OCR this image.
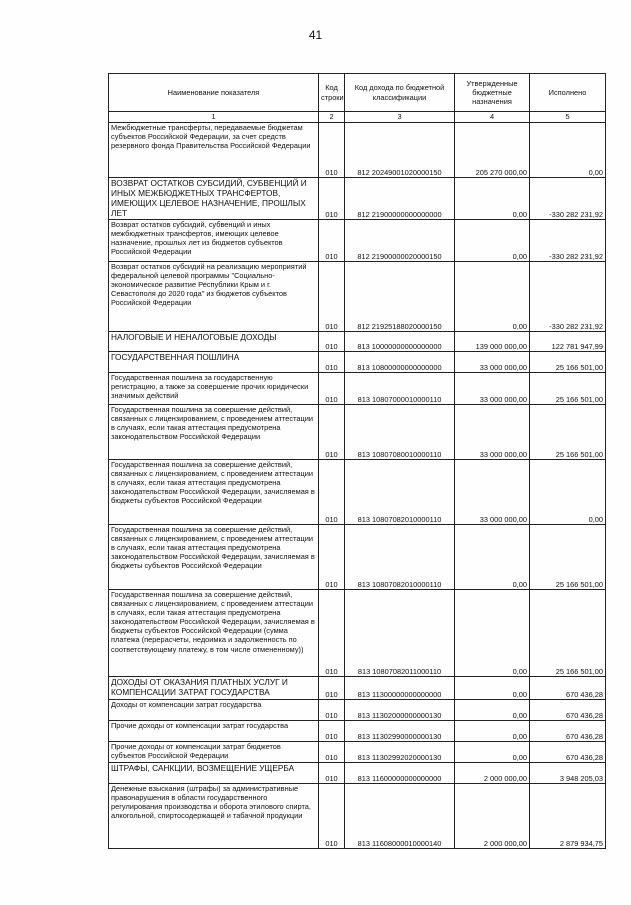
41
Наименование показателя	Код строки	Код дохода по бюджетной классификации	Утвержденные бюджетные назначения	Исполнено
1	2	3	4	5
Межбюджетные трансферты, передаваемые бюджетам субъектов Российской Федерации, за счет средств резервного фонда Правительства Российской Федерации	010	812 20249001020000150	205 270 000,00	0,00
ВОЗВРАТ ОСТАТКОВ СУБСИДИЙ, СУБВЕНЦИЙ И ИНЫХ МЕЖБЮДЖЕТНЫХ ТРАНСФЕРТОВ, ИМЕЮЩИХ ЦЕЛЕВОЕ НАЗНАЧЕНИЕ, ПРОШЛЫХ ЛЕТ	010	812 21900000000000000	0,00	-330 282 231,92
Возврат остатков субсидий, субвенций и иных межбюджетных трансфертов, имеющих целевое назначение, прошлых лет из бюджетов субъектов Российской Федерации	010	812 21900000020000150	0,00	-330 282 231,92
Возврат остатков субсидий на реализацию мероприятий федеральной целевой программы "Социально-экономическое развитие Республики Крым и г. Севастополя до 2020 года" из бюджетов субъектов Российской Федерации	010	812 21925188020000150	0,00	-330 282 231,92
НАЛОГОВЫЕ И НЕНАЛОГОВЫЕ ДОХОДЫ	010	813 10000000000000000	139 000 000,00	122 781 947,99
ГОСУДАРСТВЕННАЯ ПОШЛИНА	010	813 10800000000000000	33 000 000,00	25 166 501,00
Государственная пошлина за государственную регистрацию, а также за совершение прочих юридически значимых действий	010	813 10807000010000110	33 000 000,00	25 166 501,00
Государственная пошлина за совершение действий, связанных с лицензированием, с проведением аттестации в случаях, если такая аттестация предусмотрена законодательством Российской Федерации	010	813 10807080010000110	33 000 000,00	25 166 501,00
Государственная пошлина за совершение действий, связанных с лицензированием, с проведением аттестации в случаях, если такая аттестация предусмотрена законодательством Российской Федерации, зачисляемая в бюджеты субъектов Российской Федерации	010	813 10807082010000110	33 000 000,00	0,00
Государственная пошлина за совершение действий, связанных с лицензированием, с проведением аттестации в случаях, если такая аттестация предусмотрена законодательством Российской Федерации, зачисляемая в бюджеты субъектов Российской Федерации	010	813 10807082010000110	0,00	25 166 501,00
Государственная пошлина за совершение действий, связанных с лицензированием, с проведением аттестации в случаях, если такая аттестация предусмотрена законодательством Российской Федерации, зачисляемая в бюджеты субъектов Российской Федерации (сумма платежа (перерасчеты, недоимка и задолженность по соответствующему платежу, в том числе отмененному))	010	813 10807082011000110	0,00	25 166 501,00
ДОХОДЫ ОТ ОКАЗАНИЯ ПЛАТНЫХ УСЛУГ И КОМПЕНСАЦИИ ЗАТРАТ ГОСУДАРСТВА	010	813 11300000000000000	0,00	670 436,28
Доходы от компенсации затрат государства	010	813 11302000000000130	0,00	670 436,28
Прочие доходы от компенсации затрат государства	010	813 11302990000000130	0,00	670 436,28
Прочие доходы от компенсации затрат бюджетов субъектов Российской Федерации	010	813 11302992020000130	0,00	670 436,28
ШТРАФЫ, САНКЦИИ, ВОЗМЕЩЕНИЕ УЩЕРБА	010	813 11600000000000000	2 000 000,00	3 948 205,03
Денежные взыскания (штрафы) за административные правонарушения в области государственного регулирования производства и оборота этилового спирта, алкогольной, спиртосодержащей и табачной продукции	010	813 11608000010000140	2 000 000,00	2 879 934,75
